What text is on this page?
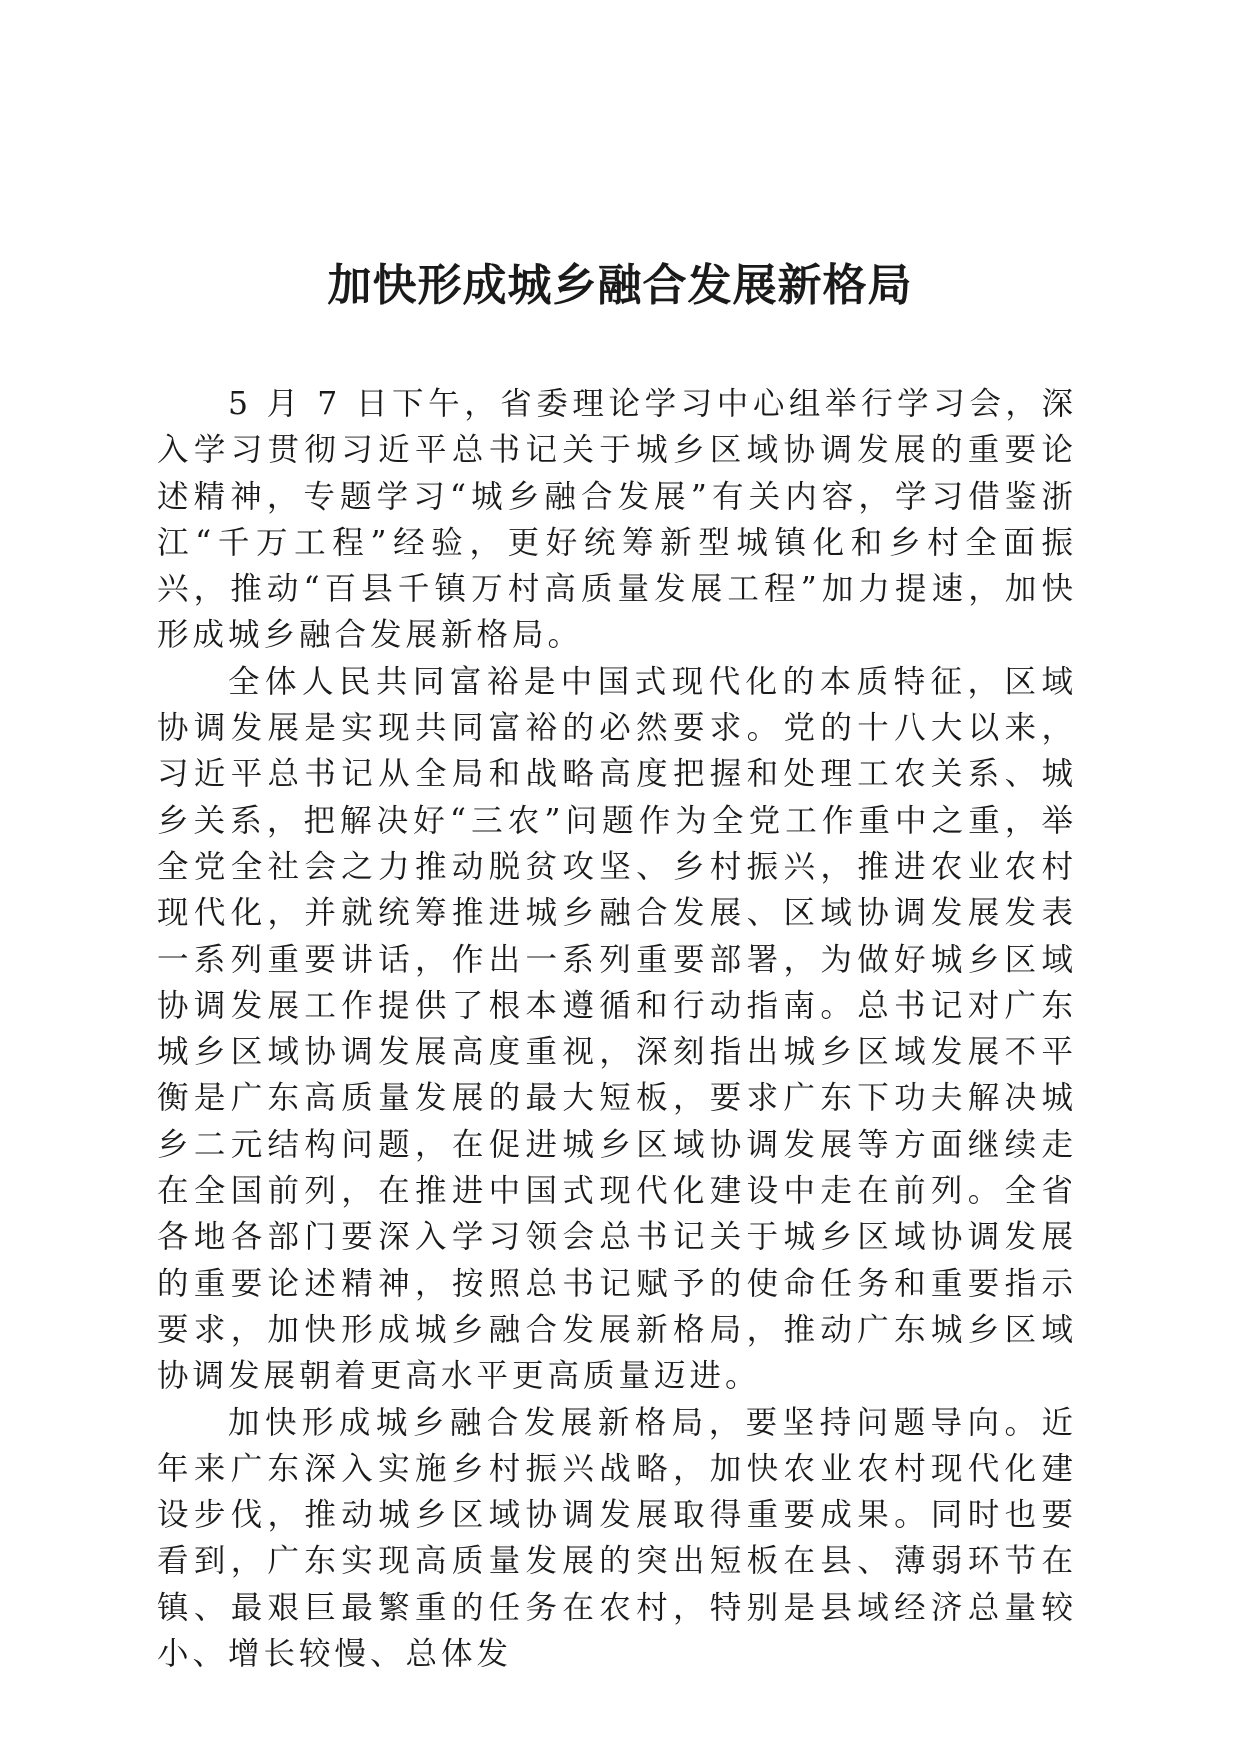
加快形成城乡融合发展新格局

5 月 7 日下午，省委理论学习中心组举行学习会，深入学习贯彻习近平总书记关于城乡区域协调发展的重要论述精神，专题学习“城乡融合发展”有关内容，学习借鉴浙江“千万工程”经验，更好统筹新型城镇化和乡村全面振兴，推动“百县千镇万村高质量发展工程”加力提速，加快形成城乡融合发展新格局。

全体人民共同富裕是中国式现代化的本质特征，区域协调发展是实现共同富裕的必然要求。党的十八大以来，习近平总书记从全局和战略高度把握和处理工农关系、城乡关系，把解决好“三农”问题作为全党工作重中之重，举全党全社会之力推动脱贫攻坚、乡村振兴，推进农业农村现代化，并就统筹推进城乡融合发展、区域协调发展发表一系列重要讲话，作出一系列重要部署，为做好城乡区域协调发展工作提供了根本遵循和行动指南。总书记对广东城乡区域协调发展高度重视，深刻指出城乡区域发展不平衡是广东高质量发展的最大短板，要求广东下功夫解决城乡二元结构问题，在促进城乡区域协调发展等方面继续走在全国前列，在推进中国式现代化建设中走在前列。全省各地各部门要深入学习领会总书记关于城乡区域协调发展的重要论述精神，按照总书记赋予的使命任务和重要指示要求，加快形成城乡融合发展新格局，推动广东城乡区域协调发展朝着更高水平更高质量迈进。

加快形成城乡融合发展新格局，要坚持问题导向。近年来广东深入实施乡村振兴战略，加快农业农村现代化建设步伐，推动城乡区域协调发展取得重要成果。同时也要看到，广东实现高质量发展的突出短板在县、薄弱环节在镇、最艰巨最繁重的任务在农村，特别是县域经济总量较小、增长较慢、总体发
